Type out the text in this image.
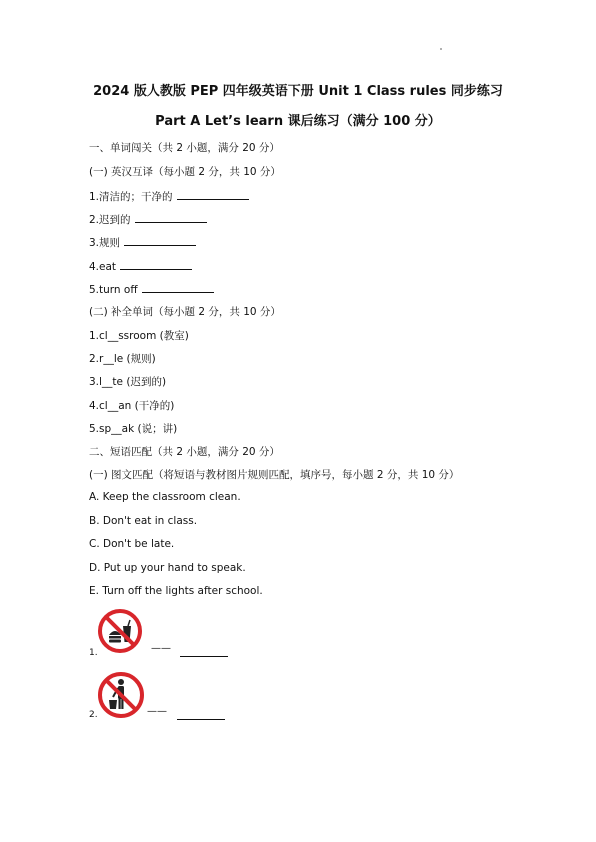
2024 版人教版 PEP 四年级英语下册 Unit 1 Class rules 同步练习
Part A Let’s learn 课后练习（满分 100 分）
一、单词闯关（共 2 小题，满分 20 分）
(一) 英汉互译（每小题 2 分，共 10 分）
1.清洁的；干净的
2.迟到的
3.规则
4.eat
5.turn off
(二) 补全单词（每小题 2 分，共 10 分）
1.cl__ssroom (教室)
2.r__le (规则)
3.l__te (迟到的)
4.cl__an (干净的)
5.sp__ak (说；讲)
二、短语匹配（共 2 小题，满分 20 分）
(一) 图文匹配（将短语与教材图片规则匹配，填序号，每小题 2 分，共 10 分）
A. Keep the classroom clean.
B. Don't eat in class.
C. Don't be late.
D. Put up your hand to speak.
E. Turn off the lights after school.
1.	——
2.	——
